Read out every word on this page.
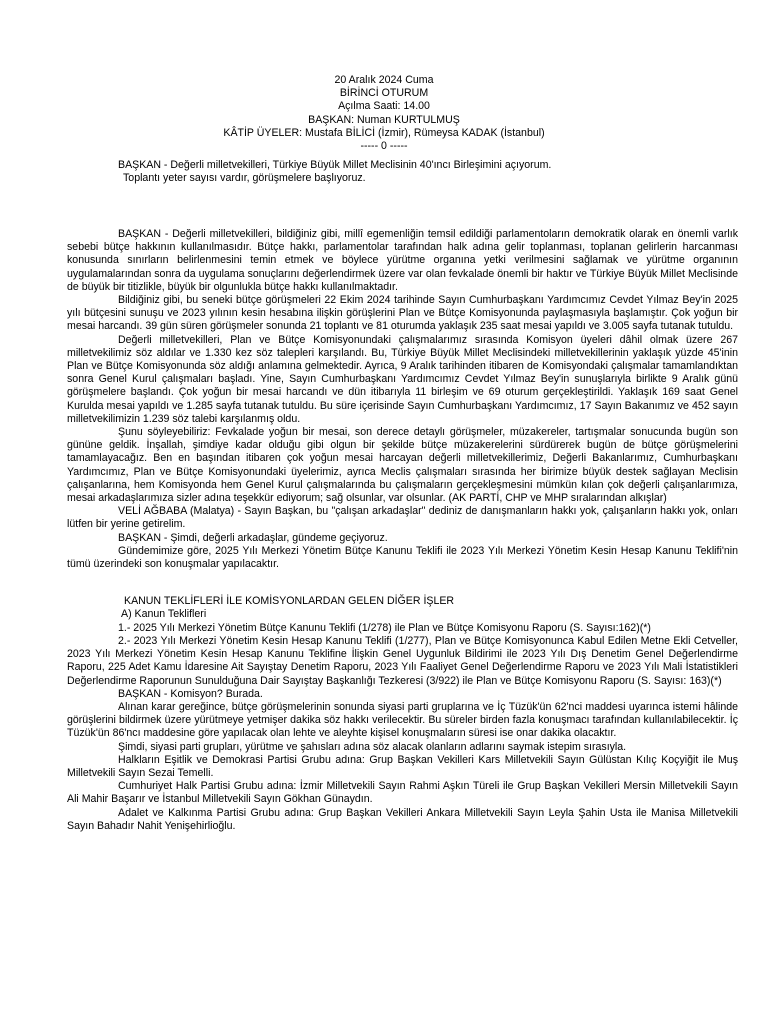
20 Aralık 2024 Cuma
BİRİNCİ OTURUM
Açılma Saati: 14.00
BAŞKAN: Numan KURTULMUŞ
KÂTİP ÜYELER: Mustafa BİLİCİ (İzmir), Rümeysa KADAK (İstanbul)
----- 0 -----

BAŞKAN - Değerli milletvekilleri, Türkiye Büyük Millet Meclisinin 40'ıncı Birleşimini açıyorum.

Toplantı yeter sayısı vardır, görüşmelere başlıyoruz.

BAŞKAN - Değerli milletvekilleri, bildiğiniz gibi, millî egemenliğin temsil edildiği parlamentoların demokratik olarak en önemli varlık sebebi bütçe hakkının kullanılmasıdır. Bütçe hakkı, parlamentolar tarafından halk adına gelir toplanması, toplanan gelirlerin harcanması konusunda sınırların belirlenmesini temin etmek ve böylece yürütme organına yetki verilmesini sağlamak ve yürütme organının uygulamalarından sonra da uygulama sonuçlarını değerlendirmek üzere var olan fevkalade önemli bir haktır ve Türkiye Büyük Millet Meclisinde de büyük bir titizlikle, büyük bir olgunlukla bütçe hakkı kullanılmaktadır.

Bildiğiniz gibi, bu seneki bütçe görüşmeleri 22 Ekim 2024 tarihinde Sayın Cumhurbaşkanı Yardımcımız Cevdet Yılmaz Bey'in 2025 yılı bütçesini sunuşu ve 2023 yılının kesin hesabına ilişkin görüşlerini Plan ve Bütçe Komisyonunda paylaşmasıyla başlamıştır. Çok yoğun bir mesai harcandı. 39 gün süren görüşmeler sonunda 21 toplantı ve 81 oturumda yaklaşık 235 saat mesai yapıldı ve 3.005 sayfa tutanak tutuldu.

Değerli milletvekilleri, Plan ve Bütçe Komisyonundaki çalışmalarımız sırasında Komisyon üyeleri dâhil olmak üzere 267 milletvekilimiz söz aldılar ve 1.330 kez söz talepleri karşılandı. Bu, Türkiye Büyük Millet Meclisindeki milletvekillerinin yaklaşık yüzde 45'inin Plan ve Bütçe Komisyonunda söz aldığı anlamına gelmektedir. Ayrıca, 9 Aralık tarihinden itibaren de Komisyondaki çalışmalar tamamlandıktan sonra Genel Kurul çalışmaları başladı. Yine, Sayın Cumhurbaşkanı Yardımcımız Cevdet Yılmaz Bey'in sunuşlarıyla birlikte 9 Aralık günü görüşmelere başlandı. Çok yoğun bir mesai harcandı ve dün itibarıyla 11 birleşim ve 69 oturum gerçekleştirildi. Yaklaşık 169 saat Genel Kurulda mesai yapıldı ve 1.285 sayfa tutanak tutuldu. Bu süre içerisinde Sayın Cumhurbaşkanı Yardımcımız, 17 Sayın Bakanımız ve 452 sayın milletvekilimizin 1.239 söz talebi karşılanmış oldu.

Şunu söyleyebiliriz: Fevkalade yoğun bir mesai, son derece detaylı görüşmeler, müzakereler, tartışmalar sonucunda bugün son gününe geldik. İnşallah, şimdiye kadar olduğu gibi olgun bir şekilde bütçe müzakerelerini sürdürerek bugün de bütçe görüşmelerini tamamlayacağız. Ben en başından itibaren çok yoğun mesai harcayan değerli milletvekillerimiz, Değerli Bakanlarımız, Cumhurbaşkanı Yardımcımız, Plan ve Bütçe Komisyonundaki üyelerimiz, ayrıca Meclis çalışmaları sırasında her birimize büyük destek sağlayan Meclisin çalışanlarına, hem Komisyonda hem Genel Kurul çalışmalarında bu çalışmaların gerçekleşmesini mümkün kılan çok değerli çalışanlarımıza, mesai arkadaşlarımıza sizler adına teşekkür ediyorum; sağ olsunlar, var olsunlar. (AK PARTİ, CHP ve MHP sıralarından alkışlar)

VELİ AĞBABA (Malatya) - Sayın Başkan, bu "çalışan arkadaşlar" dediniz de danışmanların hakkı yok, çalışanların hakkı yok, onları lütfen bir yerine getirelim.

BAŞKAN - Şimdi, değerli arkadaşlar, gündeme geçiyoruz.

Gündemimize göre, 2025 Yılı Merkezi Yönetim Bütçe Kanunu Teklifi ile 2023 Yılı Merkezi Yönetim Kesin Hesap Kanunu Teklifi'nin tümü üzerindeki son konuşmalar yapılacaktır.

KANUN TEKLİFLERİ İLE KOMİSYONLARDAN GELEN DİĞER İŞLER

A) Kanun Teklifleri

1.- 2025 Yılı Merkezi Yönetim Bütçe Kanunu Teklifi (1/278) ile Plan ve Bütçe Komisyonu Raporu (S. Sayısı:162)(*)

2.- 2023 Yılı Merkezi Yönetim Kesin Hesap Kanunu Teklifi (1/277), Plan ve Bütçe Komisyonunca Kabul Edilen Metne Ekli Cetveller, 2023 Yılı Merkezi Yönetim Kesin Hesap Kanunu Teklifine İlişkin Genel Uygunluk Bildirimi ile 2023 Yılı Dış Denetim Genel Değerlendirme Raporu, 225 Adet Kamu İdaresine Ait Sayıştay Denetim Raporu, 2023 Yılı Faaliyet Genel Değerlendirme Raporu ve 2023 Yılı Mali İstatistikleri Değerlendirme Raporunun Sunulduğuna Dair Sayıştay Başkanlığı Tezkeresi (3/922) ile Plan ve Bütçe Komisyonu Raporu (S. Sayısı: 163)(*)

BAŞKAN - Komisyon? Burada.

Alınan karar gereğince, bütçe görüşmelerinin sonunda siyasi parti gruplarına ve İç Tüzük'ün 62'nci maddesi uyarınca istemi hâlinde görüşlerini bildirmek üzere yürütmeye yetmişer dakika söz hakkı verilecektir. Bu süreler birden fazla konuşmacı tarafından kullanılabilecektir. İç Tüzük'ün 86'ncı maddesine göre yapılacak olan lehte ve aleyhte kişisel konuşmaların süresi ise onar dakika olacaktır.

Şimdi, siyasi parti grupları, yürütme ve şahısları adına söz alacak olanların adlarını saymak istерim sırasıyla.

Halkların Eşitlik ve Demokrasi Partisi Grubu adına: Grup Başkan Vekilleri Kars Milletvekili Sayın Gülüstan Kılıç Koçyiğit ile Muş Milletvekili Sayın Sezai Temelli.

Cumhuriyet Halk Partisi Grubu adına: İzmir Milletvekili Sayın Rahmi Aşkın Türeli ile Grup Başkan Vekilleri Mersin Milletvekili Sayın Ali Mahir Başarır ve İstanbul Milletvekili Sayın Gökhan Günaydın.

Adalet ve Kalkınma Partisi Grubu adına: Grup Başkan Vekilleri Ankara Milletvekili Sayın Leyla Şahin Usta ile Manisa Milletvekili Sayın Bahadır Nahit Yenişehirlioğlu.
